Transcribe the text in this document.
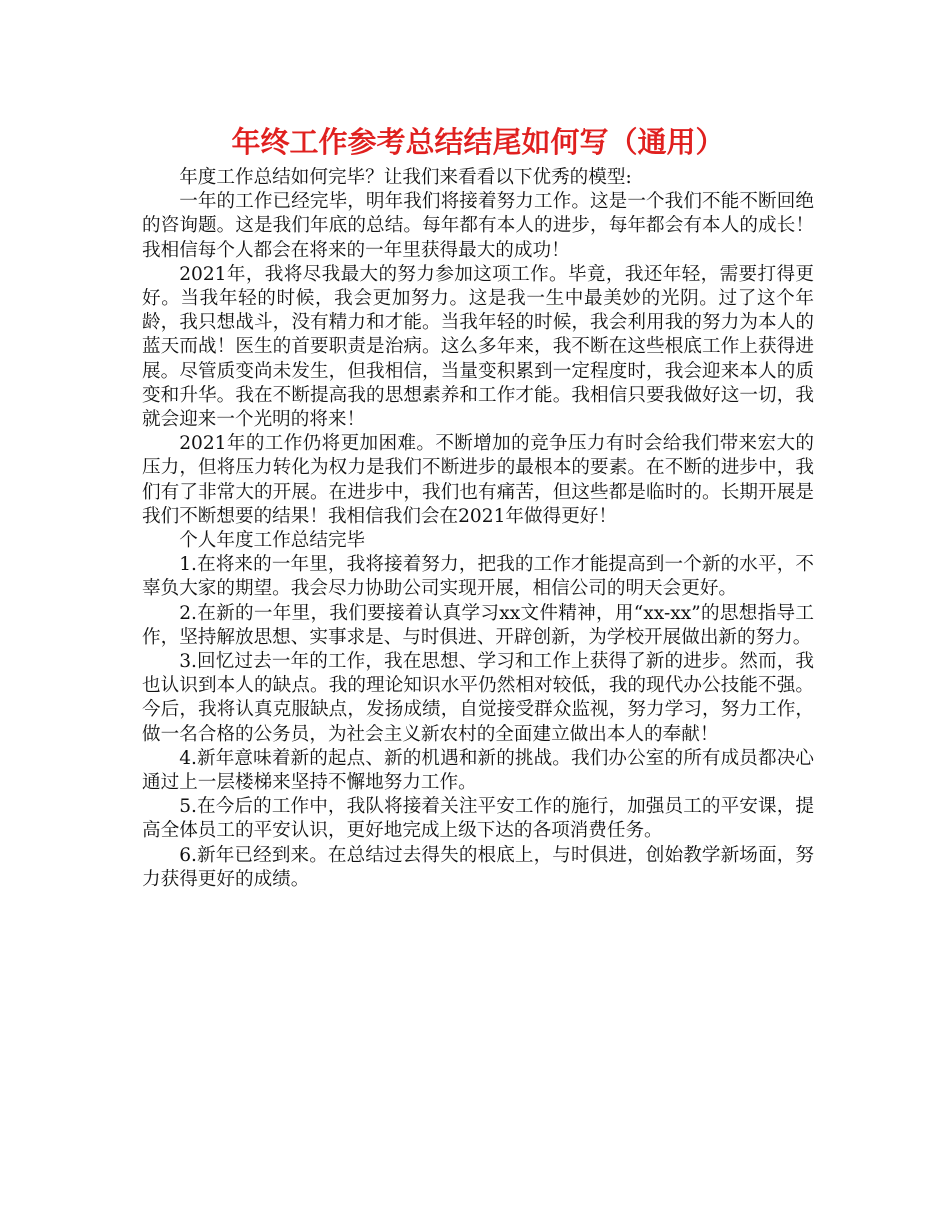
年终工作参考总结结尾如何写（通用）

年度工作总结如何完毕？让我们来看看以下优秀的模型:

一年的工作已经完毕，明年我们将接着努力工作。这是一个我们不能不断回绝的咨询题。这是我们年底的总结。每年都有本人的进步，每年都会有本人的成长！我相信每个人都会在将来的一年里获得最大的成功！

2021年，我将尽我最大的努力参加这项工作。毕竟，我还年轻，需要打得更好。当我年轻的时候，我会更加努力。这是我一生中最美妙的光阴。过了这个年龄，我只想战斗，没有精力和才能。当我年轻的时候，我会利用我的努力为本人的蓝天而战！医生的首要职责是治病。这么多年来，我不断在这些根底工作上获得进展。尽管质变尚未发生，但我相信，当量变积累到一定程度时，我会迎来本人的质变和升华。我在不断提高我的思想素养和工作才能。我相信只要我做好这一切，我就会迎来一个光明的将来！

2021年的工作仍将更加困难。不断增加的竞争压力有时会给我们带来宏大的压力，但将压力转化为权力是我们不断进步的最根本的要素。在不断的进步中，我们有了非常大的开展。在进步中，我们也有痛苦，但这些都是临时的。长期开展是我们不断想要的结果！我相信我们会在2021年做得更好！

个人年度工作总结完毕

1.在将来的一年里，我将接着努力，把我的工作才能提高到一个新的水平，不辜负大家的期望。我会尽力协助公司实现开展，相信公司的明天会更好。

2.在新的一年里，我们要接着认真学习xx文件精神，用“xx-xx”的思想指导工作，坚持解放思想、实事求是、与时俱进、开辟创新，为学校开展做出新的努力。

3.回忆过去一年的工作，我在思想、学习和工作上获得了新的进步。然而，我也认识到本人的缺点。我的理论知识水平仍然相对较低，我的现代办公技能不强。今后，我将认真克服缺点，发扬成绩，自觉接受群众监视，努力学习，努力工作，做一名合格的公务员，为社会主义新农村的全面建立做出本人的奉献！

4.新年意味着新的起点、新的机遇和新的挑战。我们办公室的所有成员都决心通过上一层楼梯来坚持不懈地努力工作。

5.在今后的工作中，我队将接着关注平安工作的施行，加强员工的平安课，提高全体员工的平安认识，更好地完成上级下达的各项消费任务。

6.新年已经到来。在总结过去得失的根底上，与时俱进，创始教学新场面，努力获得更好的成绩。
